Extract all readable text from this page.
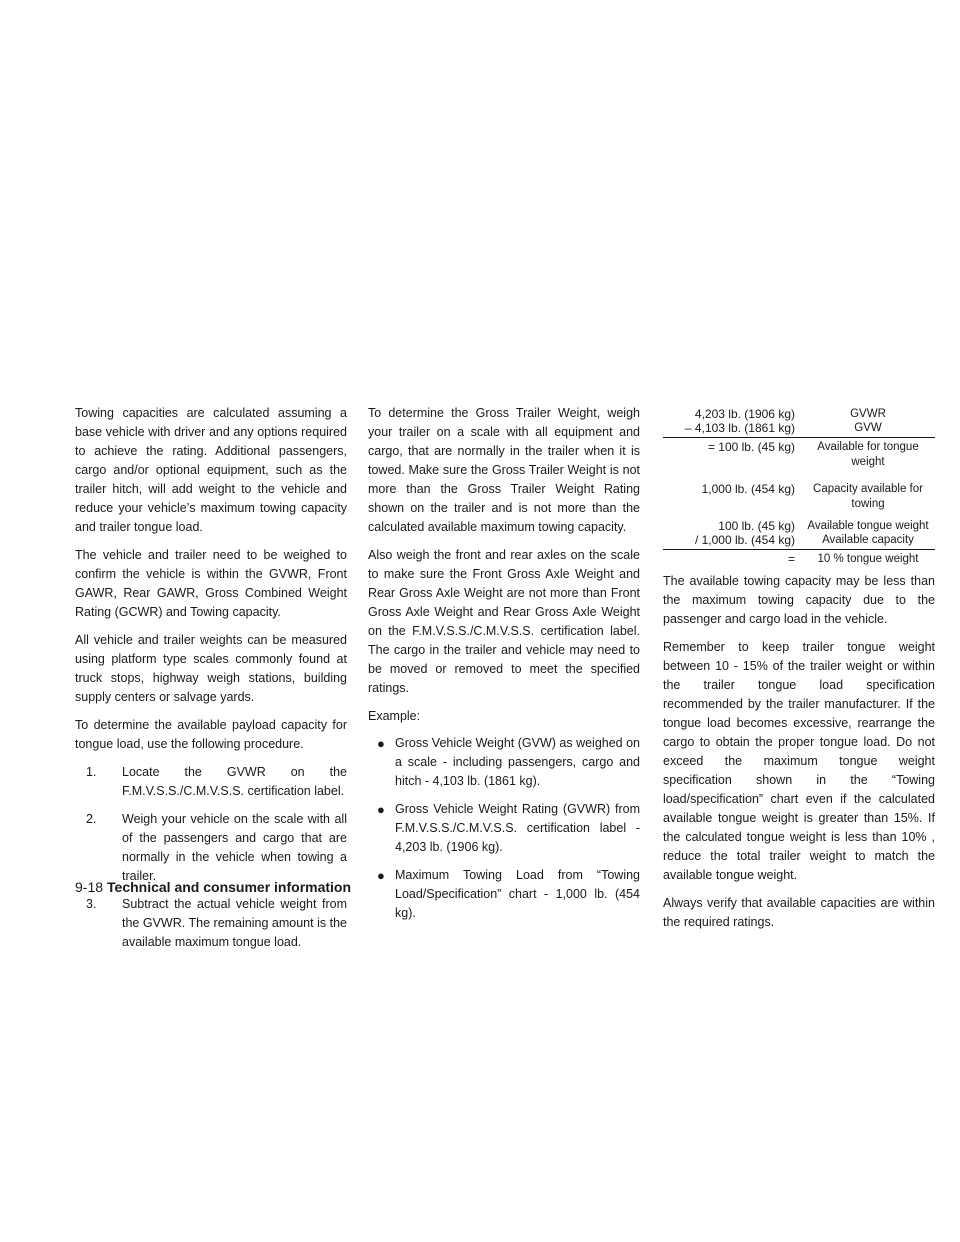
Towing capacities are calculated assuming a base vehicle with driver and any options required to achieve the rating. Additional passengers, cargo and/or optional equipment, such as the trailer hitch, will add weight to the vehicle and reduce your vehicle’s maximum towing capacity and trailer tongue load.

The vehicle and trailer need to be weighed to confirm the vehicle is within the GVWR, Front GAWR, Rear GAWR, Gross Combined Weight Rating (GCWR) and Towing capacity.

All vehicle and trailer weights can be measured using platform type scales commonly found at truck stops, highway weigh stations, building supply centers or salvage yards.

To determine the available payload capacity for tongue load, use the following procedure.

1. Locate the GVWR on the F.M.V.S.S./C.M.V.S.S. certification label.
2. Weigh your vehicle on the scale with all of the passengers and cargo that are normally in the vehicle when towing a trailer.
3. Subtract the actual vehicle weight from the GVWR. The remaining amount is the available maximum tongue load.

To determine the Gross Trailer Weight, weigh your trailer on a scale with all equipment and cargo, that are normally in the trailer when it is towed. Make sure the Gross Trailer Weight is not more than the Gross Trailer Weight Rating shown on the trailer and is not more than the calculated available maximum towing capacity.

Also weigh the front and rear axles on the scale to make sure the Front Gross Axle Weight and Rear Gross Axle Weight are not more than Front Gross Axle Weight and Rear Gross Axle Weight on the F.M.V.S.S./C.M.V.S.S. certification label. The cargo in the trailer and vehicle may need to be moved or removed to meet the specified ratings.

Example:

● Gross Vehicle Weight (GVW) as weighed on a scale - including passengers, cargo and hitch - 4,103 lb. (1861 kg).
● Gross Vehicle Weight Rating (GVWR) from F.M.V.S.S./C.M.V.S.S. certification label - 4,203 lb. (1906 kg).
● Maximum Towing Load from “Towing Load/Specification” chart - 1,000 lb. (454 kg).
4,203 lb. (1906 kg)	GVWR
– 4,103 lb. (1861 kg)	GVW
= 100 lb. (45 kg)	Available for tongue weight
1,000 lb. (454 kg)	Capacity available for towing
100 lb. (45 kg)	Available tongue weight
/ 1,000 lb. (454 kg)	Available capacity
=	10 % tongue weight

The available towing capacity may be less than the maximum towing capacity due to the passenger and cargo load in the vehicle.

Remember to keep trailer tongue weight between 10 - 15% of the trailer weight or within the trailer tongue load specification recommended by the trailer manufacturer. If the tongue load becomes excessive, rearrange the cargo to obtain the proper tongue load. Do not exceed the maximum tongue weight specification shown in the “Towing load/specification” chart even if the calculated available tongue weight is greater than 15%. If the calculated tongue weight is less than 10% , reduce the total trailer weight to match the available tongue weight.

Always verify that available capacities are within the required ratings.

9-18 Technical and consumer information
